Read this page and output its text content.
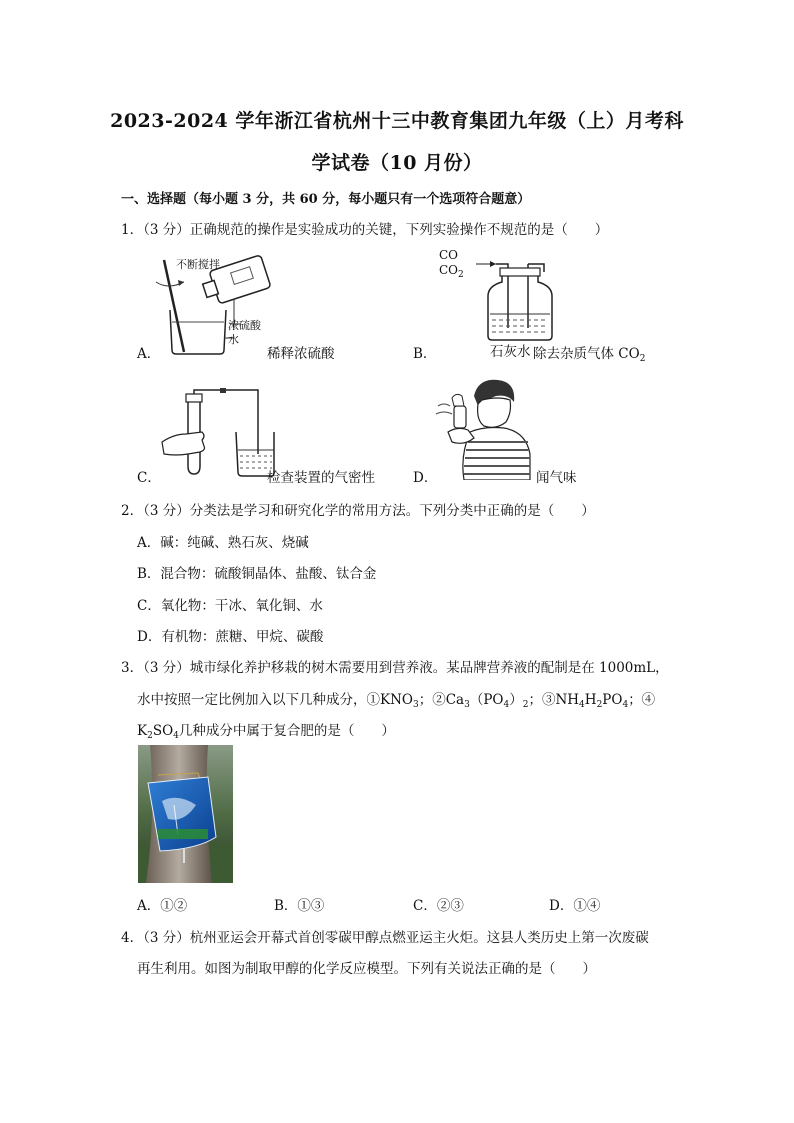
2023-2024 学年浙江省杭州十三中教育集团九年级（上）月考科
学试卷（10 月份）
一、选择题（每小题 3 分，共 60 分，每小题只有一个选项符合题意）
1．（3 分）正确规范的操作是实验成功的关键，下列实验操作不规范的是（　　）
不断搅拌
浓硫酸
水
A．	稀释浓硫酸
CO
$CO_2$
B．	石灰水 除去杂质气体 $CO_2$
C．	检查装置的气密性	D．	闻气味
2．（3 分）分类法是学习和研究化学的常用方法。下列分类中正确的是（　　）
A．碱：纯碱、熟石灰、烧碱
B．混合物：硫酸铜晶体、盐酸、钛合金
C．氧化物：干冰、氧化铜、水
D．有机物：蔗糖、甲烷、碳酸
3．（3 分）城市绿化养护移栽的树木需要用到营养液。某品牌营养液的配制是在 1000mL，
水中按照一定比例加入以下几种成分，$①KNO_3$；$②Ca_3(PO_4)_2$；$③NH_4H_2PO_4$；④
$K_2SO_4$几种成分中属于复合肥的是（　　）
A．①②	B．①③	C．②③	D．①④
4．（3 分）杭州亚运会开幕式首创零碳甲醇点燃亚运主火炬。这县人类历史上第一次废碳
再生利用。如图为制取甲醇的化学反应模型。下列有关说法正确的是（　　）
